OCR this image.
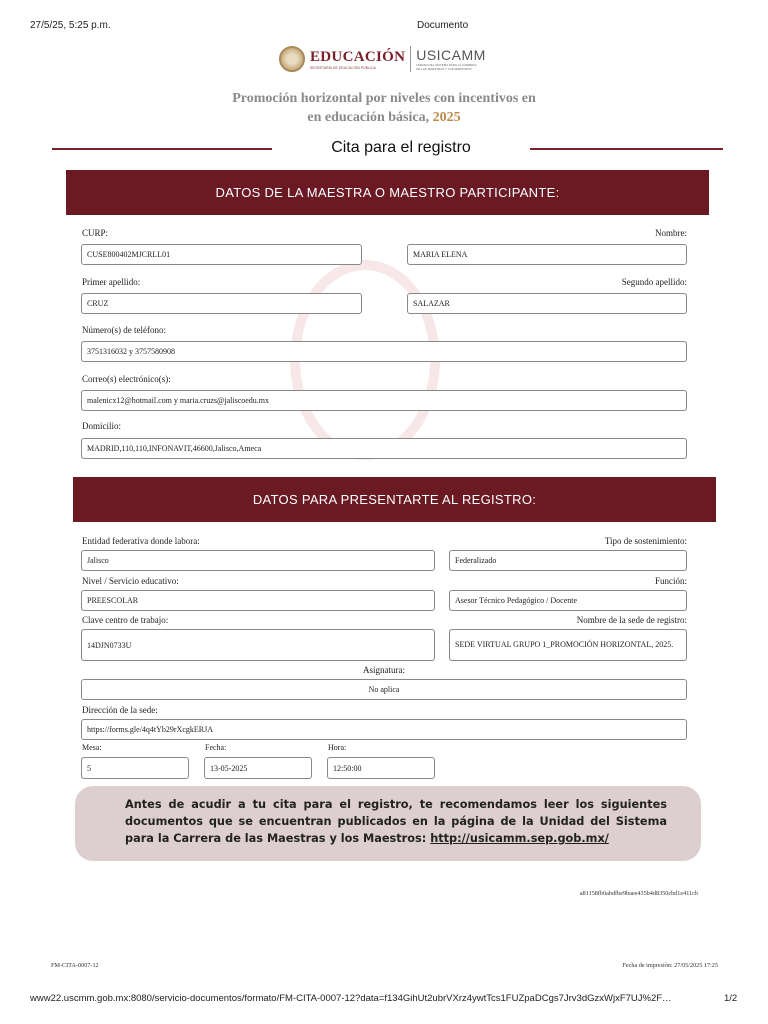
27/5/25, 5:25 p.m.	Documento
EDUCACIÓN
SECRETARÍA DE EDUCACIÓN PÚBLICA
USICAMM
UNIDAD DEL SISTEMA PARA LA CARRERA
DE LAS MAESTRAS Y LOS MAESTROS
Promoción horizontal por niveles con incentivos en
en educación básica, 2025
Cita para el registro
DATOS DE LA MAESTRA O MAESTRO PARTICIPANTE:
CURP:	Nombre:
CUSE800402MJCRLL01	MARIA ELENA
Primer apellido:	Segundo apellido:
CRUZ	SALAZAR
Número(s) de teléfono:
3751316032 y 3757580908
Correo(s) electrónico(s):
malenicx12@hotmail.com y maria.cruzs@jaliscoedu.mx
Domicilio:
MADRID,110,110,INFONAVIT,46600,Jalisco,Ameca
DATOS PARA PRESENTARTE AL REGISTRO:
Entidad federativa donde labora:	Tipo de sostenimiento:
Jalisco	Federalizado
Nivel / Servicio educativo:	Función:
PREESCOLAR	Asesor Técnico Pedagógico / Docente
Clave centro de trabajo:	Nombre de la sede de registro:
14DJN0733U	SEDE VIRTUAL GRUPO 1_PROMOCIÓN HORIZONTAL, 2025.
Asignatura:
No aplica
Dirección de la sede:
https://forms.gle/4q4tYb29rXcgkERJA
Mesa:	Fecha:	Hora:
5	13-05-2025	12:50:00
Antes de acudir a tu cita para el registro, te recomendamos leer los siguientes documentos que se encuentran publicados en la página de la Unidad del Sistema para la Carrera de las Maestras y los Maestros: http://usicamm.sep.gob.mx/
a81158fb0abdfbe9baee435b4d8350cbd1e411cb
FM-CITA-0007-12	Fecha de impresión: 27/05/2025 17:25
www22.uscmm.gob.mx:8080/servicio-documentos/formato/FM-CITA-0007-12?data=f134GihUt2ubrVXrz4ywtTcs1FUZpaDCgs7Jrv3dGzxWjxF7UJ%2F…	1/2
